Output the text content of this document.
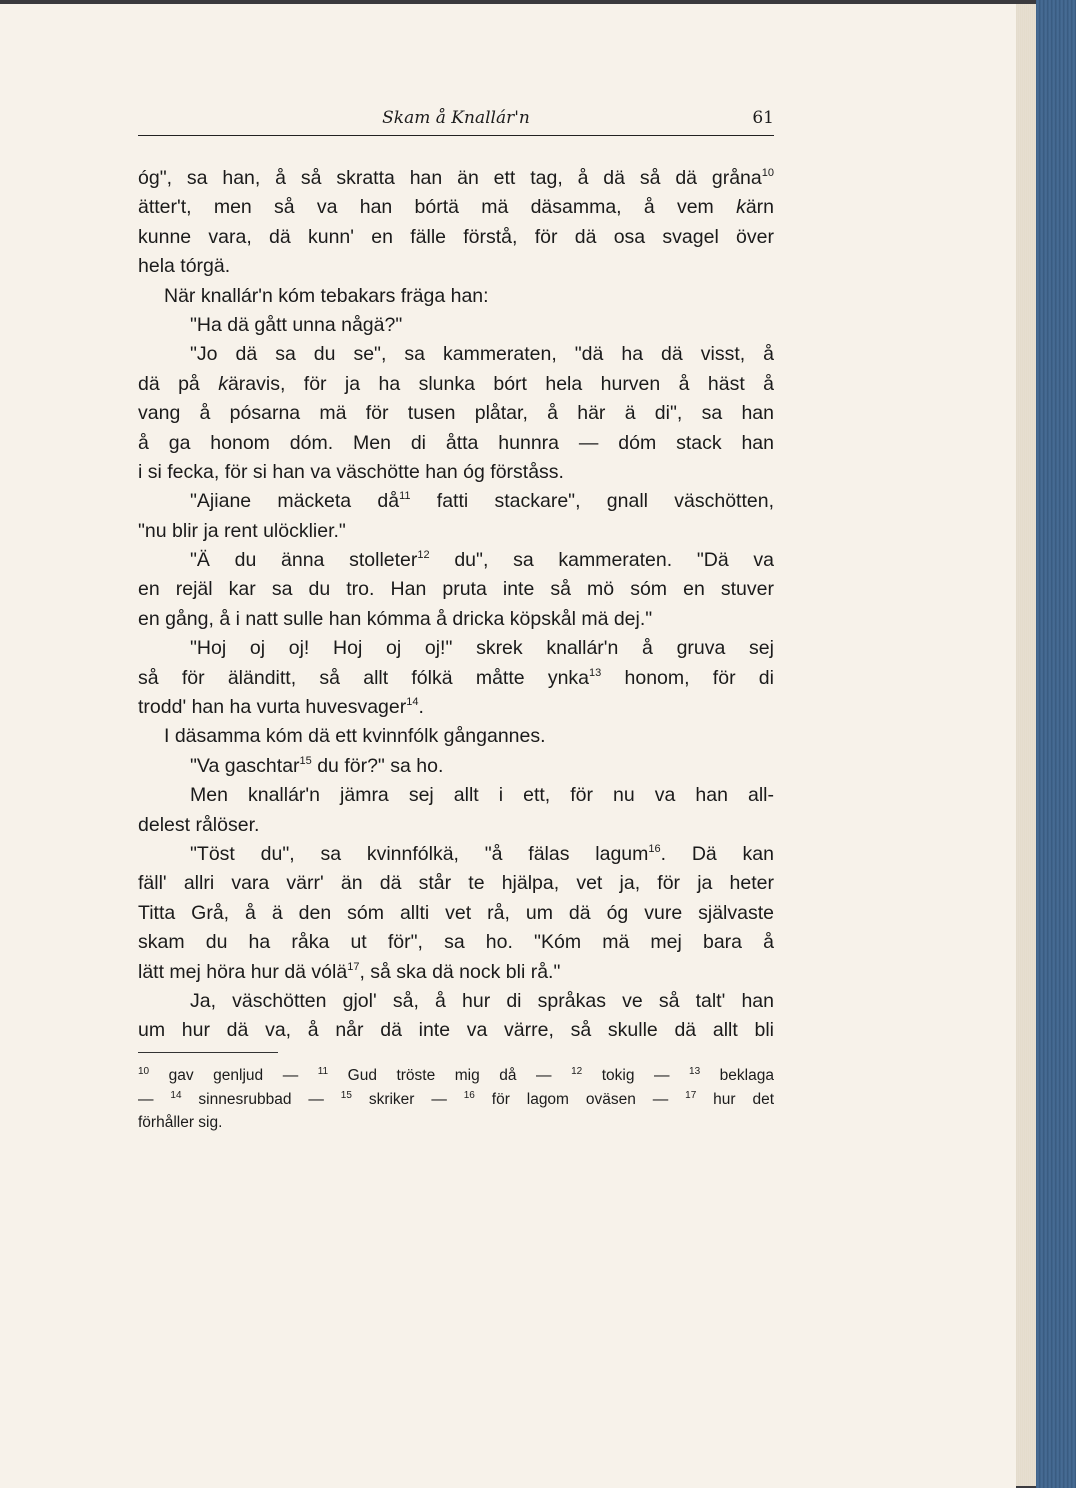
Skam å Knallár'n	61
óg", sa han, å så skratta han än ett tag, å dä så dä gråna$^{10}$
ätter't, men så va han bórtä mä däsamma, å vem kärn
kunne vara, dä kunn' en fälle förstå, för dä osa svagel över
hela tórgä.
När knallár'n kóm tebakars fräga han:
"Ha dä gått unna någä?"
"Jo dä sa du se", sa kammeraten, "dä ha dä visst, å
dä på käravis, för ja ha slunka bórt hela hurven å häst å
vang å pósarna mä för tusen plåtar, å här ä di", sa han
å ga honom dóm. Men di åtta hunnra — dóm stack han
i si fecka, för si han va väschötte han óg förståss.
"Ajiane mäcketa $då^{11}$ fatti stackare", gnall väschötten,
"nu blir ja rent ulöcklier."
"Ä du änna stolleter$^{12}$ du", sa kammeraten. "Dä va
en rejäl kar sa du tro. Han pruta inte så mö sóm en stuver
en gång, å i natt sulle han kómma å dricka köpskål mä dej."
"Hoj oj oj! Hoj oj oj!" skrek knallár'n å gruva sej
så för äländitt, så allt fólkä måtte ynka$^{13}$ honom, för di
trodd' han ha vurta huvesvager$^{14}$.
I däsamma kóm dä ett kvinnfólk gångannes.
"Va gaschtar$^{15}$ du för?" sa ho.
Men knallár'n jämra sej allt i ett, för nu va han all-
delest rålöser.
"Töst du", sa kvinnfólkä, "å fälas lagum$^{16}$. Dä kan
fäll' allri vara värr' än dä står te hjälpa, vet ja, för ja heter
Titta Grå, å ä den sóm allti vet rå, um dä óg vure självaste
skam du ha råka ut för", sa ho. "Kóm mä mej bara å
lätt mej höra hur dä vólä$^{17}$, så ska dä nock bli rå."
Ja, väschötten gjol' så, å hur di språkas ve så talt' han
um hur dä va, å når dä inte va värre, så skulle dä allt bli
$^{10}$ gav genljud — $^{11}$ Gud tröste mig då — $^{12}$ tokig — $^{13}$ beklaga
— $^{14}$ sinnesrubbad — $^{15}$ skriker — $^{16}$ för lagom oväsen — $^{17}$ hur det
förhåller sig.
